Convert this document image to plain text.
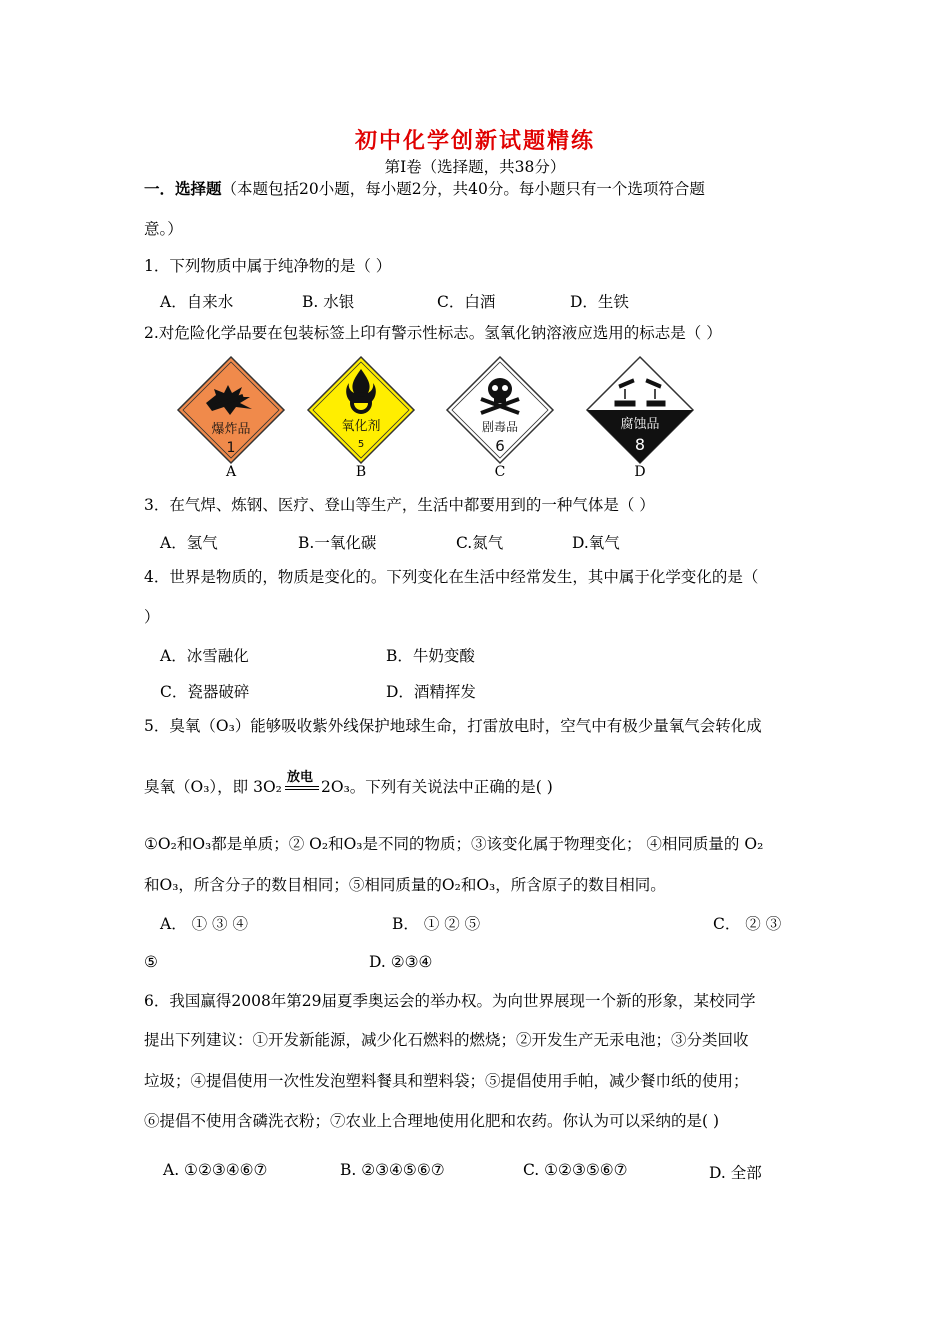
初中化学创新试题精练
第Ⅰ卷（选择题，共38分）
一．选择题（本题包括20小题，每小题2分，共40分。每小题只有一个选项符合题
意。）
1．下列物质中属于纯净物的是（ ）
A．自来水	B. 水银	C．白酒	D．生铁
2.对危险化学品要在包装标签上印有警示性标志。氢氧化钠溶液应选用的标志是（ ）
爆炸品
1
A
氧化剂
5
B
剧毒品
6
C
腐蚀品
8
D
3．在气焊、炼钢、医疗、登山等生产，生活中都要用到的一种气体是（ ）
A．氢气	B.一氧化碳	C.氮气	D.氧气
4．世界是物质的，物质是变化的。下列变化在生活中经常发生，其中属于化学变化的是（
）
A．冰雪融化	B．牛奶变酸
C．瓷器破碎	D．酒精挥发
5．臭氧（O₃）能够吸收紫外线保护地球生命，打雷放电时，空气中有极少量氧气会转化成
臭氧（O₃），即 3O₂
放电
2O₃。下列有关说法中正确的是( )
①O₂和O₃都是单质；② O₂和O₃是不同的物质；③该变化属于物理变化； ④相同质量的 O₂
和O₃，所含分子的数目相同；⑤相同质量的O₂和O₃，所含原子的数目相同。
A． ① ③ ④	B． ① ② ⑤	C． ② ③
⑤	D. ②③④
6．我国赢得2008年第29届夏季奥运会的举办权。为向世界展现一个新的形象，某校同学
提出下列建议：①开发新能源，减少化石燃料的燃烧；②开发生产无汞电池；③分类回收
垃圾；④提倡使用一次性发泡塑料餐具和塑料袋；⑤提倡使用手帕，减少餐巾纸的使用；
⑥提倡不使用含磷洗衣粉；⑦农业上合理地使用化肥和农药。你认为可以采纳的是( )
A. ①②③④⑥⑦	B. ②③④⑤⑥⑦	C. ①②③⑤⑥⑦	D. 全部
